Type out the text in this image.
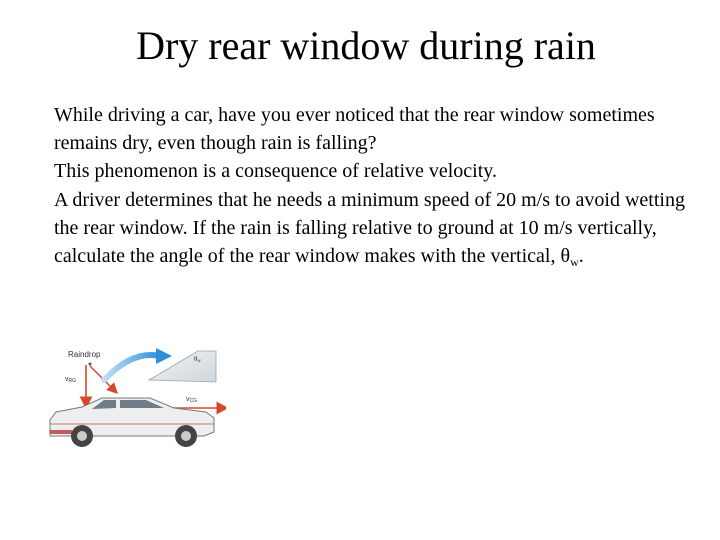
Dry rear window during rain

While driving a car, have you ever noticed that the rear window sometimes remains dry, even though rain is falling?

This phenomenon is a consequence of relative velocity.

A driver determines that he needs a minimum speed of 20 m/s to avoid wetting the rear window. If the rain is falling relative to ground at 10 m/s vertically, calculate the angle of the rear window makes with the vertical, $\theta_w$.

Raindrop
vRG
θw
vCG
